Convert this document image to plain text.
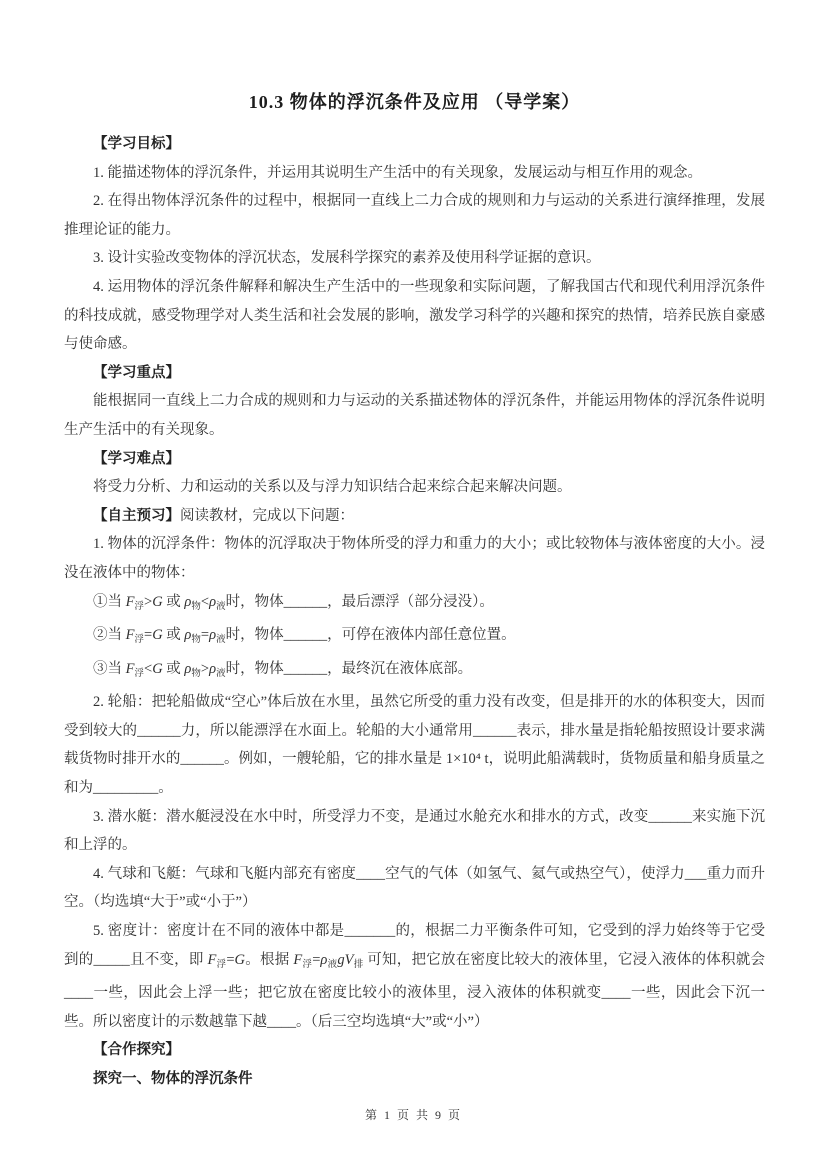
10.3 物体的浮沉条件及应用 （导学案）

【学习目标】

1. 能描述物体的浮沉条件，并运用其说明生产生活中的有关现象，发展运动与相互作用的观念。

2. 在得出物体浮沉条件的过程中，根据同一直线上二力合成的规则和力与运动的关系进行演绎推理，发展推理论证的能力。

3. 设计实验改变物体的浮沉状态，发展科学探究的素养及使用科学证据的意识。

4. 运用物体的浮沉条件解释和解决生产生活中的一些现象和实际问题，了解我国古代和现代利用浮沉条件的科技成就，感受物理学对人类生活和社会发展的影响，激发学习科学的兴趣和探究的热情，培养民族自豪感与使命感。

【学习重点】

能根据同一直线上二力合成的规则和力与运动的关系描述物体的浮沉条件，并能运用物体的浮沉条件说明生产生活中的有关现象。

【学习难点】

将受力分析、力和运动的关系以及与浮力知识结合起来综合起来解决问题。

【自主预习】阅读教材，完成以下问题：

1. 物体的沉浮条件：物体的沉浮取决于物体所受的浮力和重力的大小；或比较物体与液体密度的大小。浸没在液体中的物体：

①当 $F_浮>G$ 或 $\rho_物<\rho_液$时，物体______，最后漂浮（部分浸没）。

②当 $F_浮=G$ 或 $\rho_物=\rho_液$时，物体______，可停在液体内部任意位置。

③当 $F_浮<G$ 或 $\rho_物>\rho_液$时，物体______，最终沉在液体底部。

2. 轮船：把轮船做成“空心”体后放在水里，虽然它所受的重力没有改变，但是排开的水的体积变大，因而受到较大的______力，所以能漂浮在水面上。轮船的大小通常用______表示，排水量是指轮船按照设计要求满载货物时排开水的______。例如，一艘轮船，它的排水量是 1×10⁴ t，说明此船满载时，货物质量和船身质量之和为_________。

3. 潜水艇：潜水艇浸没在水中时，所受浮力不变，是通过水舱充水和排水的方式，改变______来实施下沉和上浮的。

4. 气球和飞艇：气球和飞艇内部充有密度____空气的气体（如氢气、氦气或热空气），使浮力___重力而升空。（均选填“大于”或“小于”）

5. 密度计：密度计在不同的液体中都是_______的，根据二力平衡条件可知，它受到的浮力始终等于它受到的_____且不变，即 $F_浮=G$。根据 $F_浮=\rho_液gV_排$ 可知，把它放在密度比较大的液体里，它浸入液体的体积就会____一些，因此会上浮一些；把它放在密度比较小的液体里，浸入液体的体积就变____一些，因此会下沉一些。所以密度计的示数越靠下越____。（后三空均选填“大”或“小”）

【合作探究】

探究一、物体的浮沉条件

第 1 页 共 9 页
